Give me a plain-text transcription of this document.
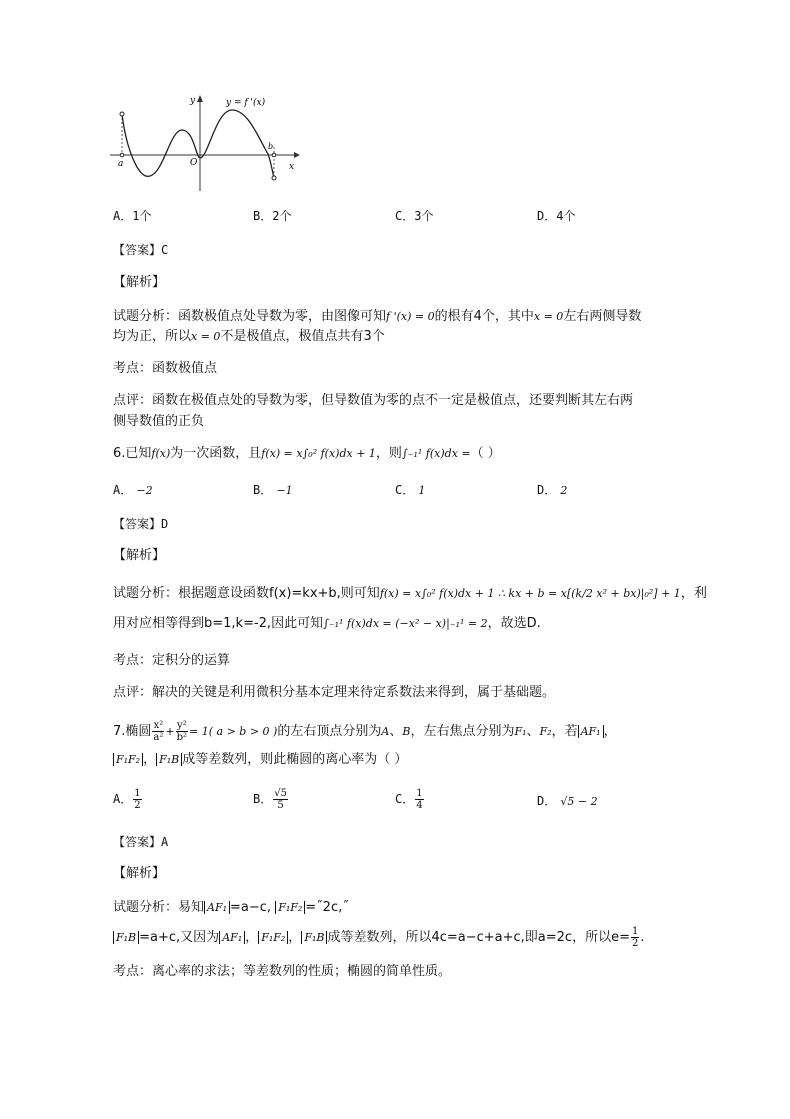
y = f '(x)
y
x
O
a
b
A．1个	B．2个	C．3个	D．4个
【答案】C
【解析】
试题分析：函数极值点处导数为零，由图像可知f '(x) = 0的根有4个，其中x = 0左右两侧导数
均为正，所以x = 0不是极值点，极值点共有3个
考点：函数极值点
点评：函数在极值点处的导数为零，但导数值为零的点不一定是极值点，还要判断其左右两
侧导数值的正负
6.已知f(x)为一次函数，且f(x) = x∫₀² f(x)dx + 1，则∫₋₁¹ f(x)dx =（ ）
A． −2	B． −1	C． 1	D． 2
【答案】D
【解析】
试题分析：根据题意设函数f(x)=kx+b,则可知f(x) = x∫₀² f(x)dx + 1 ∴ kx + b = x[(k/2 x² + bx)|₀²] + 1，利
用对应相等得到b=1,k=-2,因此可知∫₋₁¹ f(x)dx = (−x² − x)|₋₁¹ = 2，故选D.
考点：定积分的运算
点评：解决的关键是利用微积分基本定理来待定系数法来得到，属于基础题。
7.椭圆 $\frac{\text{x²}}{\text{a²}} + \frac{\text{y²}}{\text{b²}} = 1$( a > b > 0 )的左右顶点分别为A、B，左右焦点分别为F₁、F₂，若 AF₁ ，
F₁F₂ ， F₁B 成等差数列，则此椭圆的离心率为（ ）
A． $\frac{1}{2}$	B． $\frac{√5}{5}$	C． $\frac{1}{4}$	D． √5 − 2
【答案】A
【解析】
试题分析：易知 AF₁ =a−c, F₁F₂ =˝2c,˝
F₁B =a+c,又因为 AF₁ ， F₁F₂ ， F₁B 成等差数列，所以4c=a−c+a+c,即a=2c，所以$e= \frac{1}{2}$ .
考点：离心率的求法；等差数列的性质；椭圆的简单性质。
